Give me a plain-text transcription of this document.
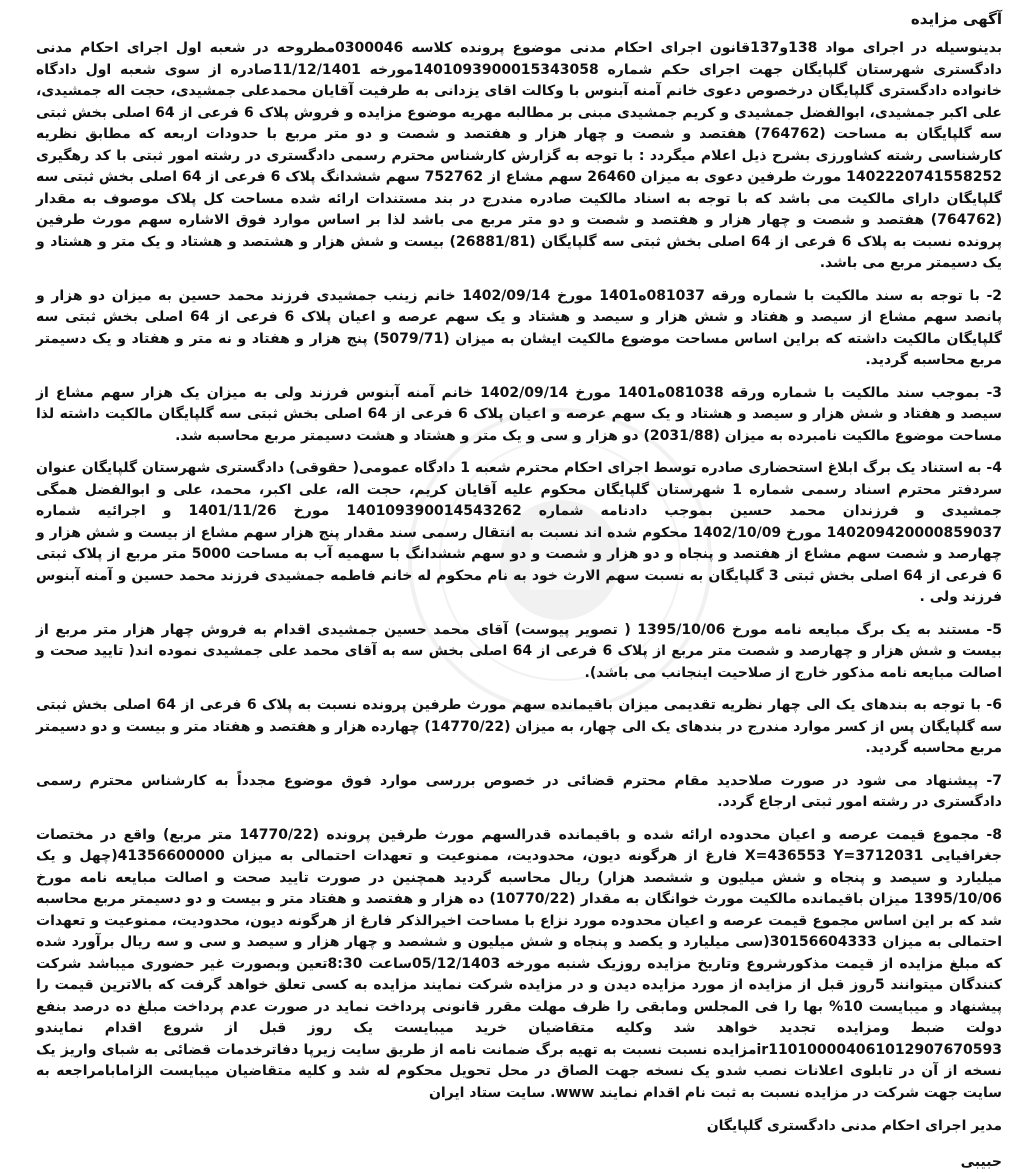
آگهی مزایده
بدینوسیله در اجرای مواد 138و137قانون اجرای احکام مدنی موضوع پرونده کلاسه 0300046مطروحه در شعبه اول اجرای احکام مدنی دادگستری شهرستان گلپایگان جهت اجرای حکم شماره 140109390001534305‌8مورخه 11/12/1401صادره از سوی شعبه اول دادگاه خانواده دادگستری گلپایگان درخصوص دعوی خانم آمنه آبنوس با وکالت اقای یزدانی به طرفیت آقایان محمدعلی جمشیدی، حجت اله جمشیدی، علی اکبر جمشیدی، ابوالفضل جمشیدی و کریم جمشیدی مبنی بر مطالبه مهریه موضوع مزایده و فروش پلاک 6 فرعی از 64 اصلی بخش ثبتی سه گلپایگان به مساحت (764762) هفتصد و شصت و چهار هزار و هفتصد و شصت و دو متر مربع با حدودات اربعه که مطابق نظریه کارشناسی رشته کشاورزی بشرح ذیل اعلام میگردد : با توجه به گزارش کارشناس محترم رسمی دادگستری در رشته امور ثبتی با کد رهگیری 1402220741558252 مورث طرفین دعوی به میزان 26460 سهم مشاع از 752762 سهم ششدانگ پلاک 6 فرعی از 64 اصلی بخش ثبتی سه گلپایگان دارای مالکیت می باشد که با توجه به اسناد مالکیت صادره مندرج در بند مستندات ارائه شده مساحت کل پلاک موصوف به مقدار (764762) هفتصد و شصت و چهار هزار و هفتصد و شصت و دو متر مربع می باشد لذا بر اساس موارد فوق الاشاره سهم مورث طرفین پرونده نسبت به پلاک 6 فرعی از 64 اصلی بخش ثبتی سه گلپایگان (26881/81) بیست و شش هزار و هشتصد و هشتاد و یک متر و هشتاد و یک دسیمتر مربع می باشد.
2- با توجه به سند مالکیت با شماره ورقه 081037ه1401 مورخ 1402/09/14 خانم زینب جمشیدی فرزند محمد حسین به میزان دو هزار و پانصد سهم مشاع از سیصد و هفتاد و شش هزار و سیصد و هشتاد و یک سهم عرصه و اعیان پلاک 6 فرعی از 64 اصلی بخش ثبتی سه گلپایگان مالکیت داشته که براین اساس مساحت موضوع مالکیت ایشان به میزان (5079/71) پنج هزار و هفتاد و نه متر و هفتاد و یک دسیمتر مربع محاسبه گردید.
3- بموجب سند مالکیت با شماره ورقه 081038ه1401 مورخ 1402/09/14 خانم آمنه آبنوس فرزند ولی به میزان یک هزار سهم مشاع از سیصد و هفتاد و شش هزار و سیصد و هشتاد و یک سهم عرصه و اعیان پلاک 6 فرعی از 64 اصلی بخش ثبتی سه گلپایگان مالکیت داشته لذا مساحت موضوع مالکیت نامبرده به میزان (2031/88) دو هزار و سی و یک متر و هشتاد و هشت دسیمتر مربع محاسبه شد.
4- به استناد یک برگ ابلاغ استحضاری صادره توسط اجرای احکام محترم شعبه 1 دادگاه عمومی( حقوقی) دادگستری شهرستان گلپایگان عنوان سردفتر محترم اسناد رسمی شماره 1 شهرستان گلپایگان محکوم علیه آقایان کریم، حجت اله، علی اکبر، محمد، علی و ابوالفضل همگی جمشیدی و فرزندان محمد حسین بموجب دادنامه شماره 140109390014543262 مورخ 1401/11/26 و اجرائیه شماره 140209420000859037 مورخ 1402/10/09 محکوم شده اند نسبت به انتقال رسمی سند مقدار پنج هزار سهم مشاع از بیست و شش هزار و چهارصد و شصت سهم مشاع از هفتصد و پنجاه و دو هزار و شصت و دو سهم ششدانگ با سهمیه آب به مساحت 5000 متر مربع از پلاک ثبتی 6 فرعی از 64 اصلی بخش ثبتی 3 گلپایگان به نسبت سهم الارث خود به نام محکوم له خانم فاطمه جمشیدی فرزند محمد حسین و آمنه آبنوس فرزند ولی .
5- مستند به یک برگ مبایعه نامه مورخ 1395/10/06 ( تصویر پیوست) آقای محمد حسین جمشیدی اقدام به فروش چهار هزار متر مربع از بیست و شش هزار و چهارصد و شصت متر مربع از پلاک 6 فرعی از 64 اصلی بخش سه به آقای محمد علی جمشیدی نموده اند( تایید صحت و اصالت مبایعه نامه مذکور خارج از صلاحیت اینجانب می باشد).
6- با توجه به بندهای یک الی چهار نظریه تقدیمی میزان باقیمانده سهم مورث طرفین پرونده نسبت به پلاک 6 فرعی از 64 اصلی بخش ثبتی سه گلپایگان پس از کسر موارد مندرج در بندهای یک الی چهار، به میزان (14770/22) چهارده هزار و هفتصد و هفتاد متر و بیست و دو دسیمتر مربع محاسبه گردید.
7- پیشنهاد می شود در صورت صلاحدید مقام محترم قضائی در خصوص بررسی موارد فوق موضوع مجدداً به کارشناس محترم رسمی دادگستری در رشته امور ثبتی ارجاع گردد.
8- مجموع قیمت عرصه و اعیان محدوده ارائه شده و باقیمانده قدرالسهم مورث طرفین پرونده (14770/22 متر مربع) واقع در مختصات جغرافیایی X=436553 Y=3712031 فارغ از هرگونه دیون، محدودیت، ممنوعیت و تعهدات احتمالی به میزان 41356600000(چهل و یک میلیارد و سیصد و پنجاه و شش میلیون و ششصد هزار) ریال محاسبه گردید همچنین در صورت تایید صحت و اصالت مبایعه نامه مورخ 1395/10/06 میزان باقیمانده مالکیت مورث خوانگان به مقدار (10770/22) ده هزار و هفتصد و هفتاد متر و بیست و دو دسیمتر مربع محاسبه شد که بر این اساس مجموع قیمت عرصه و اعیان محدوده مورد نزاع با مساحت اخیرالذکر فارغ از هرگونه دیون، محدودیت، ممنوعیت و تعهدات احتمالی به میزان 30156604333(سی میلیارد و یکصد و پنجاه و شش میلیون و ششصد و چهار هزار و سیصد و سی و سه ریال برآورد شده که مبلغ مزایده از قیمت مذکورشروع وتاریخ مزایده روزیک شنبه مورخه 05/12/1403ساعت 8:30تعین وبصورت غیر حضوری میباشد شرکت کنندگان میتوانند 5روز قبل از مزایده از مورد مزایده دیدن و در مزایده شرکت نمایند مزایده به کسی تعلق خواهد گرفت که بالاترین قیمت را پیشنهاد و میبایست 10% بها را فی المجلس ومابقی را ظرف مهلت مقرر قانونی پرداخت نماید در صورت عدم پرداخت مبلغ ده درصد بنفع دولت ضبط ومزایده تجدید خواهد شد وکلیه متقاضیان خرید میبایست یک روز قبل از شروع اقدام نمایندو ir110100004061012907670593مزایده نسبت نسبت به تهیه برگ ضمانت نامه از طریق سایت زیرپا دفاترخدمات قضائی به شبای واریز یک نسخه از آن در تابلوی اعلانات نصب شدو یک نسخه جهت الصاق در محل تحویل محکوم له شد و کلیه متقاضیان میبایست الزامابامراجعه به سایت جهت شرکت در مزایده نسبت به ثبت نام اقدام نمایند www. سایت ستاد ایران
مدیر اجرای احکام مدنی دادگستری گلپایگان
حبیبی
